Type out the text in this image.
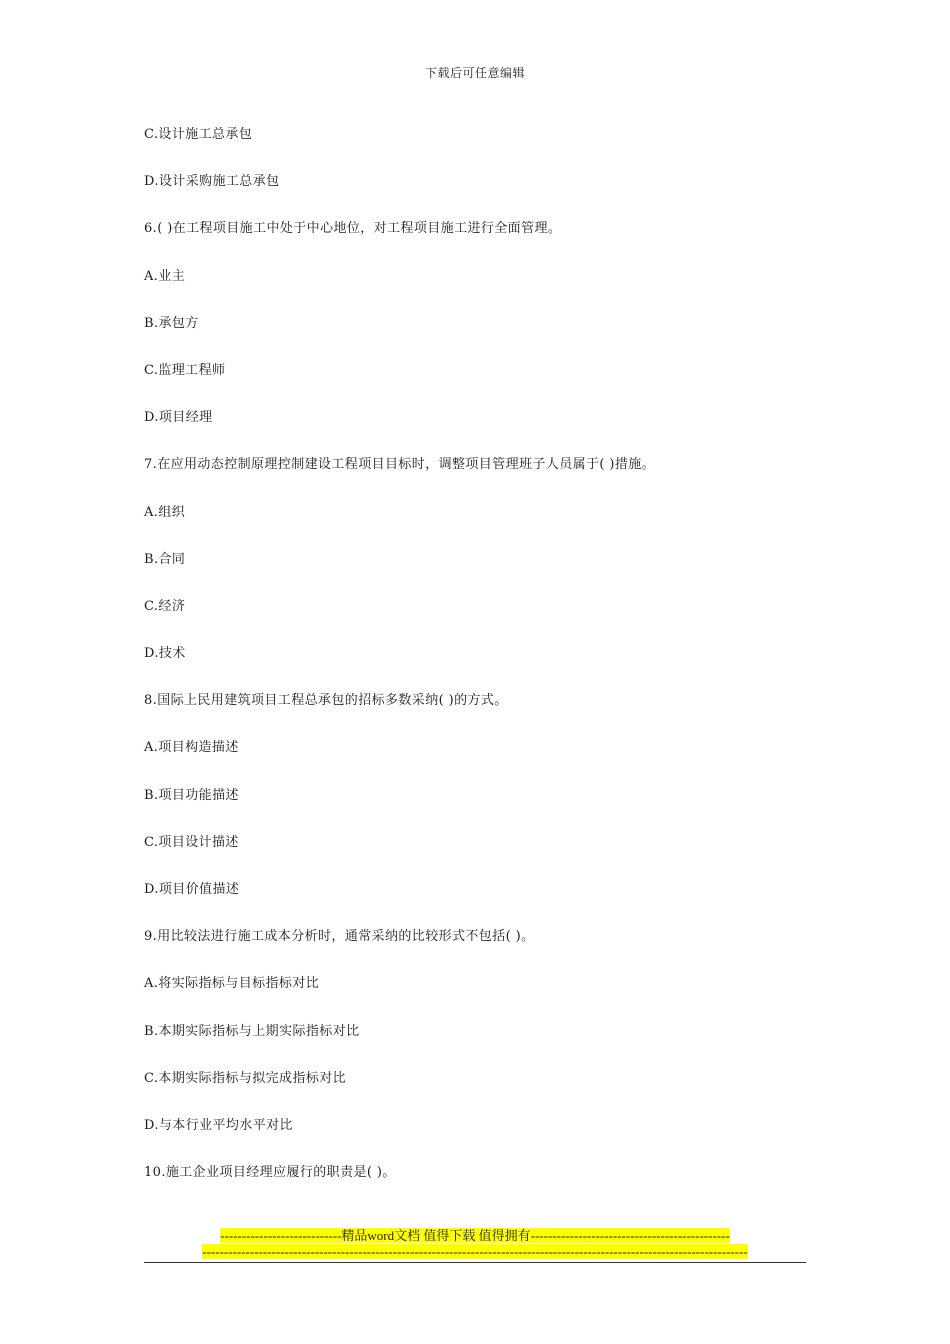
下载后可任意编辑
C.设计施工总承包
D.设计采购施工总承包
6.( )在工程项目施工中处于中心地位，对工程项目施工进行全面管理。
A.业主
B.承包方
C.监理工程师
D.项目经理
7.在应用动态控制原理控制建设工程项目目标时，调整项目管理班子人员属于( )措施。
A.组织
B.合同
C.经济
D.技术
8.国际上民用建筑项目工程总承包的招标多数采纳( )的方式。
A.项目构造描述
B.项目功能描述
C.项目设计描述
D.项目价值描述
9.用比较法进行施工成本分析时，通常采纳的比较形式不包括( )。
A.将实际指标与目标指标对比
B.本期实际指标与上期实际指标对比
C.本期实际指标与拟完成指标对比
D.与本行业平均水平对比
10.施工企业项目经理应履行的职责是( )。
----------------------------精品word文档 值得下载 值得拥有----------------------------------------------
------------------------------------------------------------------------------------------------------------------------------
